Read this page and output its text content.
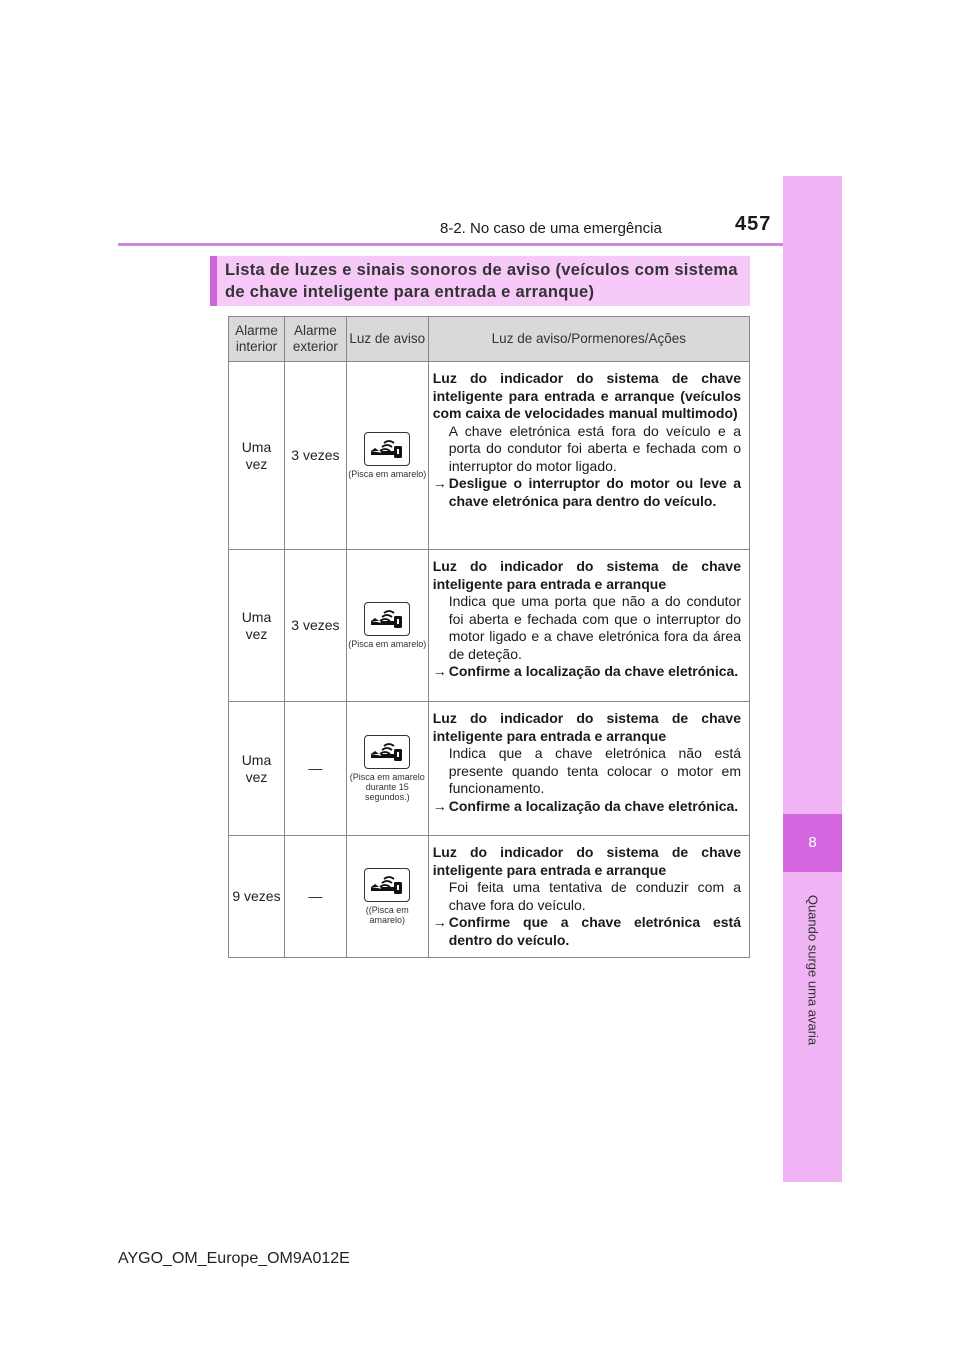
8-2. No caso de uma emergência	457
8
Quando surge uma avaria

Lista de luzes e sinais sonoros de aviso (veículos com sistema de chave inteligente para entrada e arranque)

Alarme interior	Alarme exterior	Luz de aviso	Luz de aviso/Pormenores/Ações
Uma vez	3 vezes	(Pisca em amarelo)	Luz do indicador do sistema de chave inteligente para entrada e arranque (veículos com caixa de velocidades manual multimodo)
A chave eletrónica está fora do veículo e a porta do condutor foi aberta e fechada com o interruptor do motor ligado.
→ Desligue o interruptor do motor ou leve a chave eletrónica para dentro do veículo.

Uma vez	3 vezes	(Pisca em amarelo)	Luz do indicador do sistema de chave inteligente para entrada e arranque
Indica que uma porta que não a do condutor foi aberta e fechada com que o interruptor do motor ligado e a chave eletrónica fora da área de deteção.
→ Confirme a localização da chave eletrónica.

Uma vez	—	(Pisca em amarelo durante 15 segundos.)	Luz do indicador do sistema de chave inteligente para entrada e arranque
Indica que a chave eletrónica não está presente quando tenta colocar o motor em funcionamento.
→ Confirme a localização da chave eletrónica.

9 vezes	—	((Pisca em amarelo)	Luz do indicador do sistema de chave inteligente para entrada e arranque
Foi feita uma tentativa de conduzir com a chave fora do veículo.
→ Confirme que a chave eletrónica está dentro do veículo.
AYGO_OM_Europe_OM9A012E
